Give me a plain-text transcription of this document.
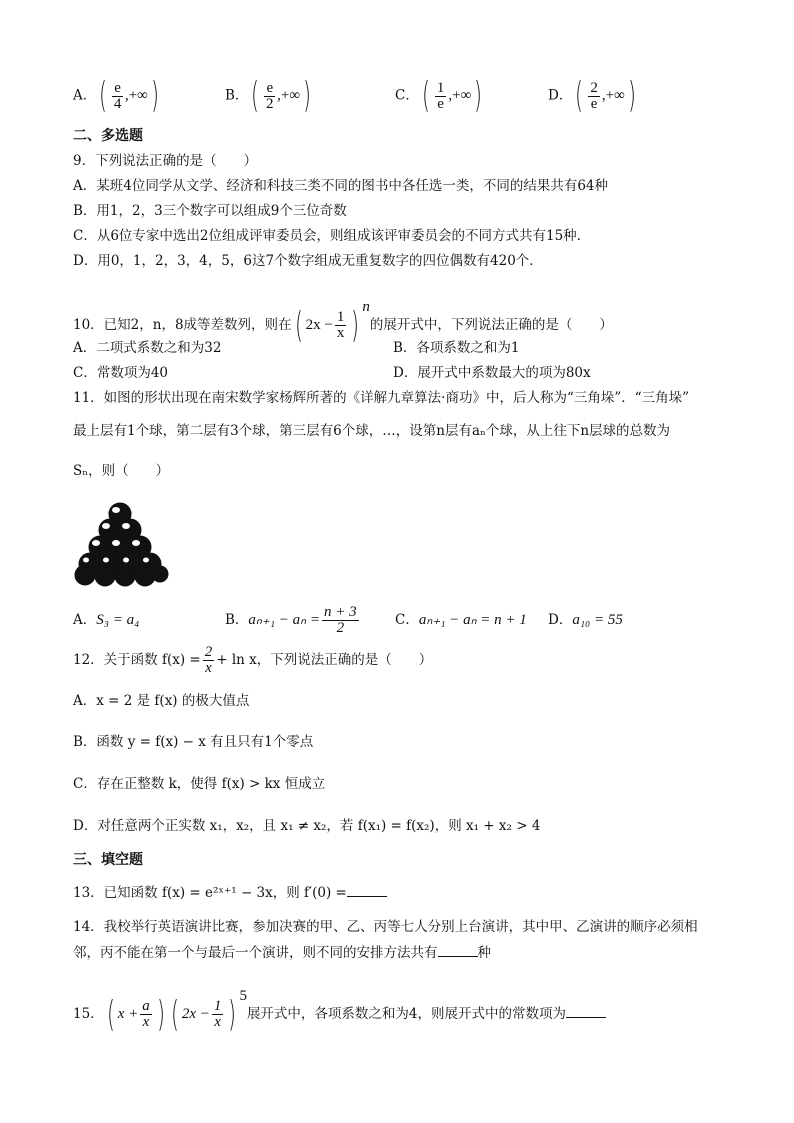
A．( $\frac{e}{4}$ ,+∞)	B．( $\frac{e}{2}$ ,+∞)	C．( $\frac{1}{e}$ ,+∞)	D．( $\frac{2}{e}$ ,+∞)
二、多选题
9．下列说法正确的是（　　）
A．某班4位同学从文学、经济和科技三类不同的图书中各任选一类，不同的结果共有64种
B．用1，2，3三个数字可以组成9个三位奇数
C．从6位专家中选出2位组成评审委员会，则组成该评审委员会的不同方式共有15种．
D．用0，1，2，3，4，5，6这7个数字组成无重复数字的四位偶数有420个．
10．已知2，n，8成等差数列，则在( $2x - \frac{1}{x}$ ) $^n$的展开式中，下列说法正确的是（　　）
A．二项式系数之和为32	B．各项系数之和为1
C．常数项为40	D．展开式中系数最大的项为80x
11．如图的形状出现在南宋数学家杨辉所著的《详解九章算法·商功》中，后人称为“三角垛”．“三角垛”
最上层有1个球，第二层有3个球，第三层有6个球，…，设第n层有aₙ个球，从上往下n层球的总数为
Sₙ，则（　　）
A．S₃ = a₄	B．$a_{n+1} - a_n = \frac{n + 3}{2}$	C．aₙ₊₁ − aₙ = n + 1 D．a₁₀ = 55
12．关于函数 $f(x) = \frac{2}{x} + \ln x$，下列说法正确的是（　　）
A．x = 2 是 f(x) 的极大值点
B．函数 y = f(x) − x 有且只有1个零点
C．存在正整数 k，使得 f(x) > kx 恒成立
D．对任意两个正实数 x₁，x₂，且 x₁ ≠ x₂，若 f(x₁) = f(x₂)，则 x₁ + x₂ > 4
三、填空题
13．已知函数 f(x) = e²ˣ⁺¹ − 3x，则 f′(0) =
14．我校举行英语演讲比赛，参加决赛的甲、乙、丙等七人分别上台演讲，其中甲、乙演讲的顺序必须相
邻，丙不能在第一个与最后一个演讲，则不同的安排方法共有	种
15．( $x + \frac{a}{x}$ ) ( $2x - \frac{1}{x}$ ) $^5$展开式中，各项系数之和为4，则展开式中的常数项为
